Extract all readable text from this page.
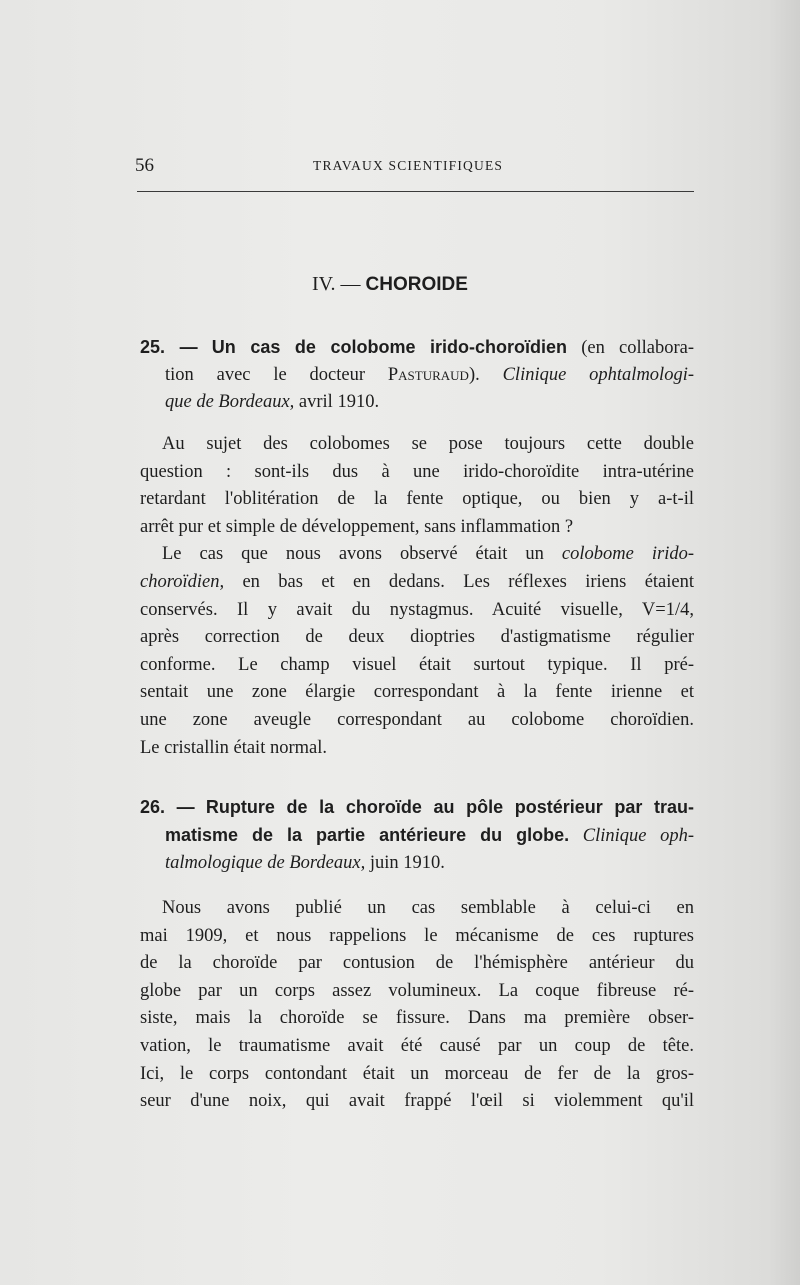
56	TRAVAUX SCIENTIFIQUES
IV. — CHOROIDE
25. — Un cas de colobome irido-choroïdien (en collabora-
tion avec le docteur Pasturaud). Clinique ophtalmologi-
que de Bordeaux, avril 1910.
Au sujet des colobomes se pose toujours cette double
question : sont-ils dus à une irido-choroïdite intra-utérine
retardant l'oblitération de la fente optique, ou bien y a-t-il
arrêt pur et simple de développement, sans inflammation ?
Le cas que nous avons observé était un colobome irido-
choroïdien, en bas et en dedans. Les réflexes iriens étaient
conservés. Il y avait du nystagmus. Acuité visuelle, V=1/4,
après correction de deux dioptries d'astigmatisme régulier
conforme. Le champ visuel était surtout typique. Il pré-
sentait une zone élargie correspondant à la fente irienne et
une zone aveugle correspondant au colobome choroïdien.
Le cristallin était normal.
26. — Rupture de la choroïde au pôle postérieur par trau-
matisme de la partie antérieure du globe. Clinique oph-
talmologique de Bordeaux, juin 1910.
Nous avons publié un cas semblable à celui-ci en
mai 1909, et nous rappelions le mécanisme de ces ruptures
de la choroïde par contusion de l'hémisphère antérieur du
globe par un corps assez volumineux. La coque fibreuse ré-
siste, mais la choroïde se fissure. Dans ma première obser-
vation, le traumatisme avait été causé par un coup de tête.
Ici, le corps contondant était un morceau de fer de la gros-
seur d'une noix, qui avait frappé l'œil si violemment qu'il
